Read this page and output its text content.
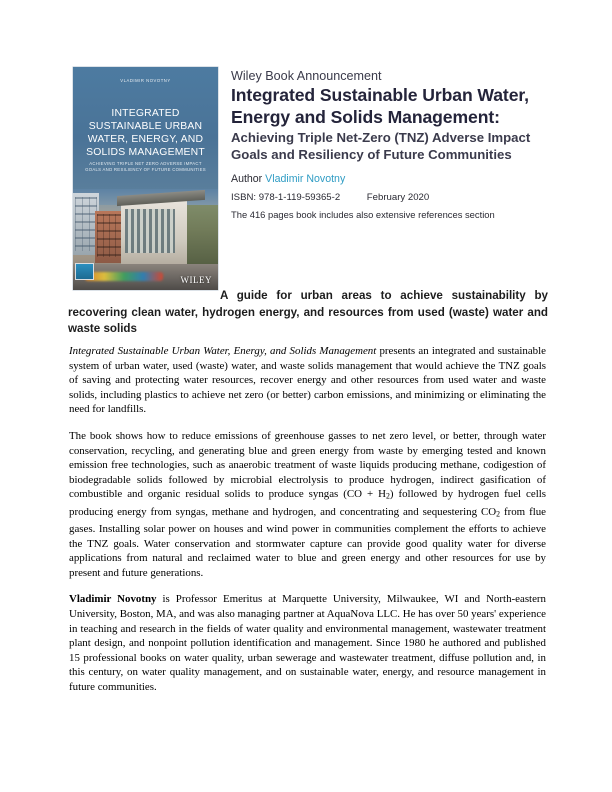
VLADIMIR NOVOTNY
INTEGRATED
SUSTAINABLE URBAN
WATER, ENERGY, AND
SOLIDS MANAGEMENT
ACHIEVING TRIPLE NET ZERO ADVERSE IMPACT GOALS AND RESILIENCY OF FUTURE COMMUNITIES
WILEY
Wiley Book Announcement
Integrated Sustainable Urban Water, Energy and Solids Management:
Achieving Triple Net-Zero (TNZ) Adverse Impact Goals and Resiliency of Future Communities
Author Vladimir Novotny
ISBN: 978-1-119-59365-2          February 2020
The 416 pages book includes also extensive references section
A guide for urban areas to achieve sustainability by recovering clean water, hydrogen energy, and resources from used (waste) water and waste solids

Integrated Sustainable Urban Water, Energy, and Solids Management presents an integrated and sustainable system of urban water, used (waste) water, and waste solids management that would achieve the TNZ goals of saving and protecting water resources, recover energy and other resources from used water and waste solids, including plastics to achieve net zero (or better) carbon emissions, and minimizing or eliminating the need for landfills.

The book shows how to reduce emissions of greenhouse gasses to net zero level, or better, through water conservation, recycling, and generating blue and green energy from waste by emerging tested and known emission free technologies, such as anaerobic treatment of waste liquids producing methane, codigestion of biodegradable solids followed by microbial electrolysis to produce hydrogen, indirect gasification of combustible and organic residual solids to produce syngas $(CO + H_2)$ followed by hydrogen fuel cells producing energy from syngas, methane and hydrogen, and concentrating and sequestering $CO_2$ from flue gases. Installing solar power on houses and wind power in communities complement the efforts to achieve the TNZ goals. Water conservation and stormwater capture can provide good quality water for diverse applications from natural and reclaimed water to blue and green energy and other resources for use by present and future generations.

Vladimir Novotny is Professor Emeritus at Marquette University, Milwaukee, WI and North-eastern University, Boston, MA, and was also managing partner at AquaNova LLC. He has over 50 years' experience in teaching and research in the fields of water quality and environmental management, wastewater treatment plant design, and nonpoint pollution identification and management. Since 1980 he authored and published 15 professional books on water quality, urban sewerage and wastewater treatment, diffuse pollution and, in this century, on water quality management, and on sustainable water, energy, and resource management in future communities.
